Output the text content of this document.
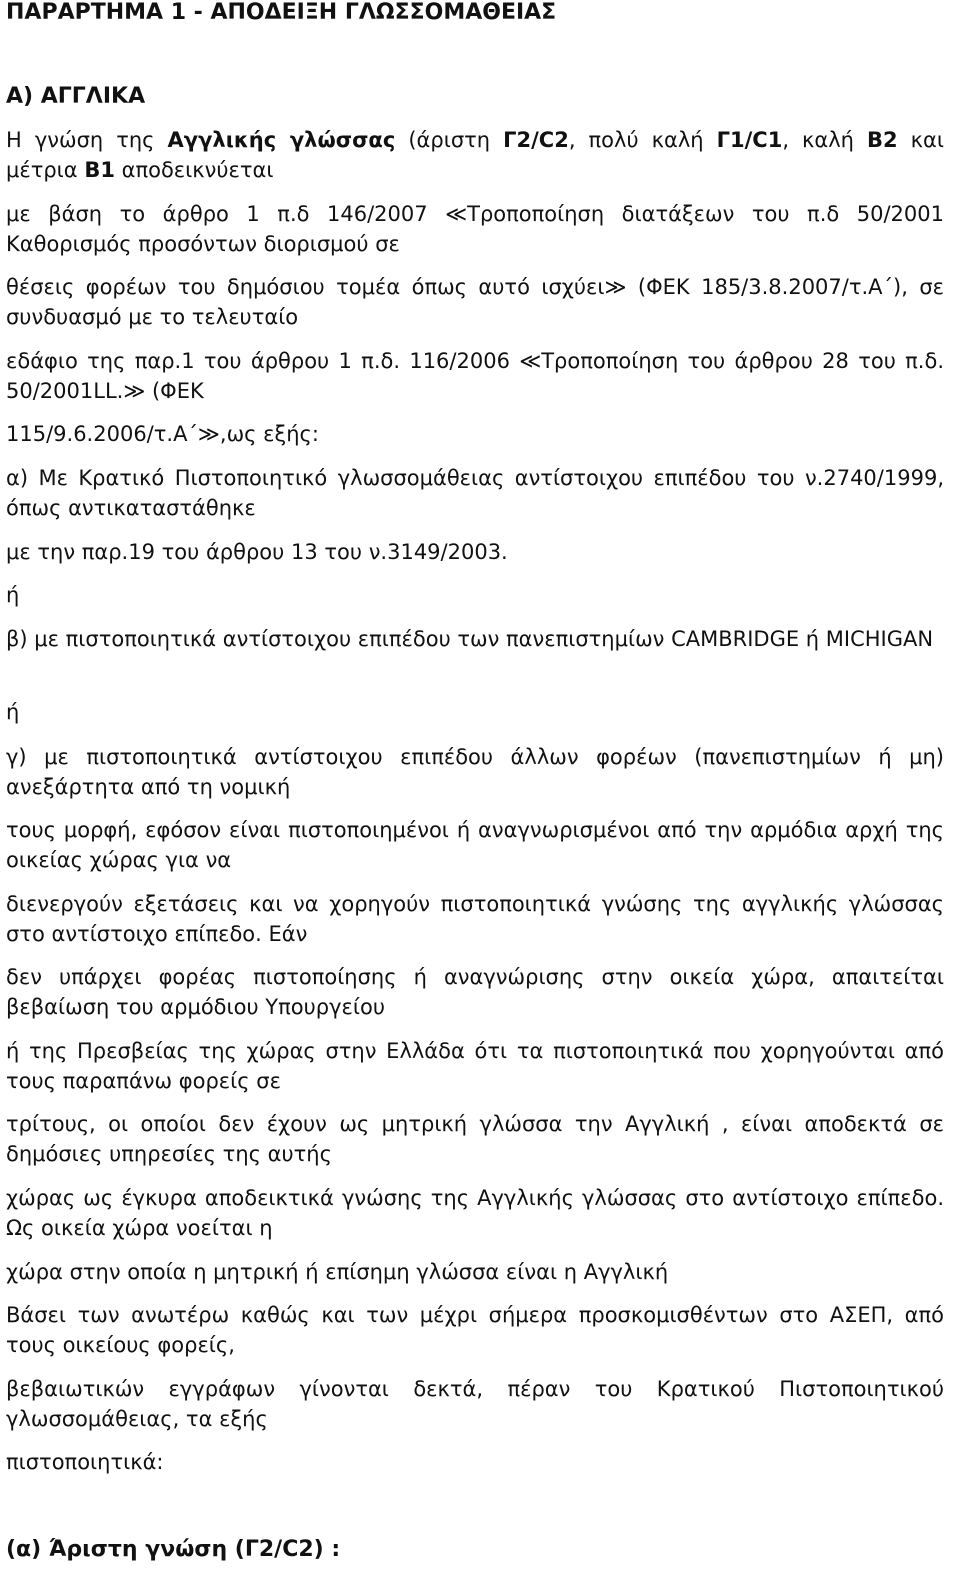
ΠΑΡΑΡΤΗΜΑ 1 - ΑΠΟΔΕΙΞΗ ΓΛΩΣΣΟΜΑΘΕΙΑΣ
Α) ΑΓΓΛΙΚΑ

Η γνώση της Αγγλικής γλώσσας (άριστη Γ2/C2, πολύ καλή Γ1/C1, καλή Β2 και μέτρια Β1 αποδεικνύεται

με βάση το άρθρο 1 π.δ 146/2007 ≪Τροποποίηση διατάξεων του π.δ 50/2001 Καθορισμός προσόντων διορισμού σε

θέσεις φορέων του δημόσιου τομέα όπως αυτό ισχύει≫ (ΦΕΚ 185/3.8.2007/τ.Α΄), σε συνδυασμό με το τελευταίο

εδάφιο της παρ.1 του άρθρου 1 π.δ. 116/2006 ≪Τροποποίηση του άρθρου 28 του π.δ. 50/2001LL.≫ (ΦΕΚ

115/9.6.2006/τ.Α΄≫,ως εξής:

α) Με Κρατικό Πιστοποιητικό γλωσσομάθειας αντίστοιχου επιπέδου του ν.2740/1999, όπως αντικαταστάθηκε

με την παρ.19 του άρθρου 13 του ν.3149/2003.

ή

β) με πιστοποιητικά αντίστοιχου επιπέδου των πανεπιστημίων CAMBRIDGE ή MICHIGAN

ή

γ) με πιστοποιητικά αντίστοιχου επιπέδου άλλων φορέων (πανεπιστημίων ή μη) ανεξάρτητα από τη νομική

τους μορφή, εφόσον είναι πιστοποιημένοι ή αναγνωρισμένοι από την αρμόδια αρχή της οικείας χώρας για να

διενεργούν εξετάσεις και να χορηγούν πιστοποιητικά γνώσης της αγγλικής γλώσσας στο αντίστοιχο επίπεδο. Εάν

δεν υπάρχει φορέας πιστοποίησης ή αναγνώρισης στην οικεία χώρα, απαιτείται βεβαίωση του αρμόδιου Υπουργείου

ή της Πρεσβείας της χώρας στην Ελλάδα ότι τα πιστοποιητικά που χορηγούνται από τους παραπάνω φορείς σε

τρίτους, οι οποίοι δεν έχουν ως μητρική γλώσσα την Αγγλική , είναι αποδεκτά σε δημόσιες υπηρεσίες της αυτής

χώρας ως έγκυρα αποδεικτικά γνώσης της Αγγλικής γλώσσας στο αντίστοιχο επίπεδο. Ως οικεία χώρα νοείται η

χώρα στην οποία η μητρική ή επίσημη γλώσσα είναι η Αγγλική

Βάσει των ανωτέρω καθώς και των μέχρι σήμερα προσκομισθέντων στο ΑΣΕΠ, από τους οικείους φορείς,

βεβαιωτικών εγγράφων γίνονται δεκτά, πέραν του Κρατικού Πιστοποιητικού γλωσσομάθειας, τα εξής

πιστοποιητικά:

(α) Άριστη γνώση (Γ2/C2) :
